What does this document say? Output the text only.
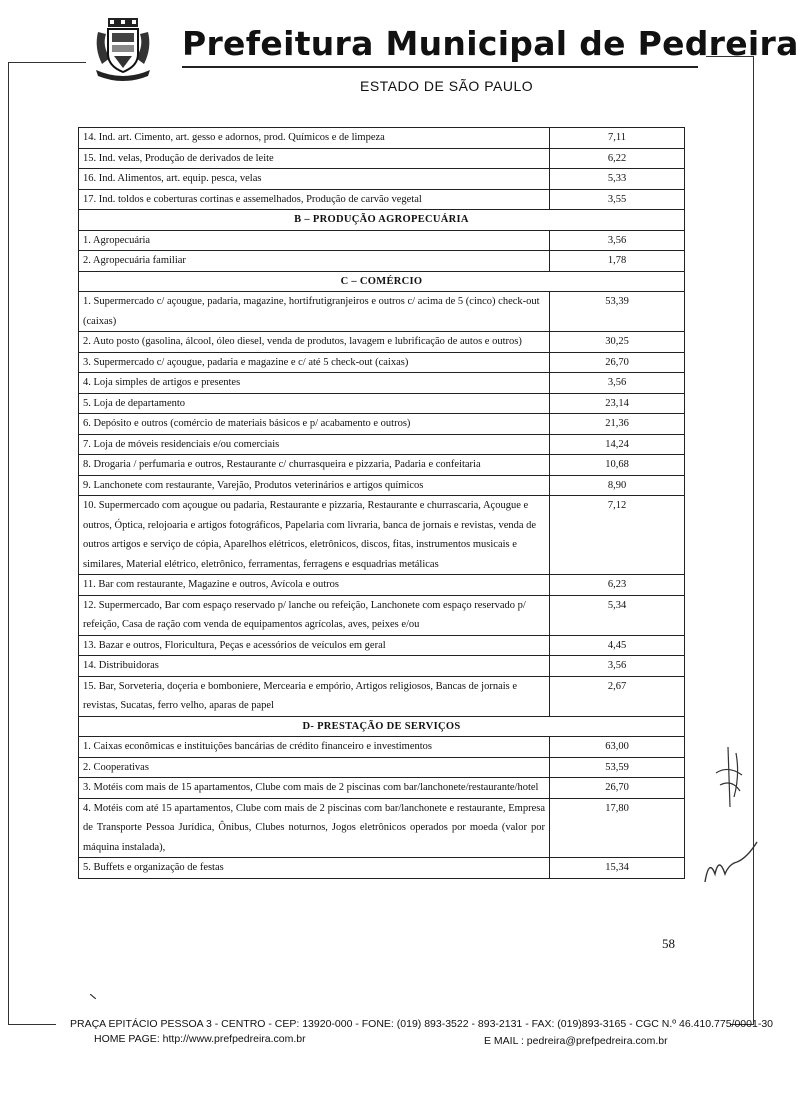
Prefeitura Municipal de Pedreira
ESTADO DE SÃO PAULO
14. Ind. art. Cimento, art. gesso e adornos, prod. Químicos e de limpeza	7,11
15. Ind. velas, Produção de derivados de leite	6,22
16. Ind. Alimentos, art. equip. pesca, velas	5,33
17. Ind. toldos e coberturas cortinas e assemelhados, Produção de carvão vegetal	3,55
B – PRODUÇÃO AGROPECUÁRIA	
1. Agropecuária	3,56
2. Agropecuária familiar	1,78
C – COMÉRCIO	
1. Supermercado c/ açougue, padaria, magazine, hortifrutigranjeiros e outros c/ acima de 5 (cinco) check-out (caixas)	53,39
2. Auto posto (gasolina, álcool, óleo diesel, venda de produtos, lavagem e lubrificação de autos e outros)	30,25
3. Supermercado c/ açougue, padaria e magazine e c/ até 5 check-out (caixas)	26,70
4. Loja simples de artigos e presentes	3,56
5. Loja de departamento	23,14
6. Depósito e outros (comércio de materiais básicos e p/ acabamento e outros)	21,36
7. Loja de móveis residenciais e/ou comerciais	14,24
8. Drogaria / perfumaria e outros, Restaurante c/ churrasqueira e pizzaria, Padaria e confeitaria	10,68
9. Lanchonete com restaurante, Varejão, Produtos veterinários e artigos químicos	8,90
10. Supermercado com açougue ou padaria, Restaurante e pizzaria, Restaurante e churrascaria, Açougue e outros, Óptica, relojoaria e artigos fotográficos, Papelaria com livraria, banca de jornais e revistas, venda de outros artigos e serviço de cópia, Aparelhos elétricos, eletrônicos, discos, fitas, instrumentos musicais e similares, Material elétrico, eletrônico, ferramentas, ferragens e esquadrias metálicas	7,12
11. Bar com restaurante, Magazine e outros, Avícola e outros	6,23
12. Supermercado, Bar com espaço reservado p/ lanche ou refeição, Lanchonete com espaço reservado p/ refeição, Casa de ração com venda de equipamentos agrícolas, aves, peixes e/ou	5,34
13. Bazar e outros, Floricultura, Peças e acessórios de veículos em geral	4,45
14. Distribuidoras	3,56
15. Bar, Sorveteria, doçeria e bomboniere, Mercearia e empório, Artigos religiosos, Bancas de jornais e revistas, Sucatas, ferro velho, aparas de papel	2,67
D- PRESTAÇÃO DE SERVIÇOS	
1. Caixas econômicas e instituições bancárias de crédito financeiro e investimentos	63,00
2. Cooperativas	53,59
3. Motéis com mais de 15 apartamentos, Clube com mais de 2 piscinas com bar/lanchonete/restaurante/hotel	26,70
4. Motéis com até 15 apartamentos, Clube com mais de 2 piscinas com bar/lanchonete e restaurante, Empresa de Transporte Pessoa Jurídica, Ônibus, Clubes noturnos, Jogos eletrônicos operados por moeda (valor por máquina instalada),	17,80
5. Buffets e organização de festas	15,34
58
PRAÇA EPITÁCIO PESSOA 3 - CENTRO - CEP: 13920-000 - FONE: (019) 893-3522 - 893-2131 - FAX: (019)893-3165 - CGC N.º 46.410.775/0001-30
HOME PAGE: http://www.prefpedreira.com.br	E MAIL : pedreira@prefpedreira.com.br
